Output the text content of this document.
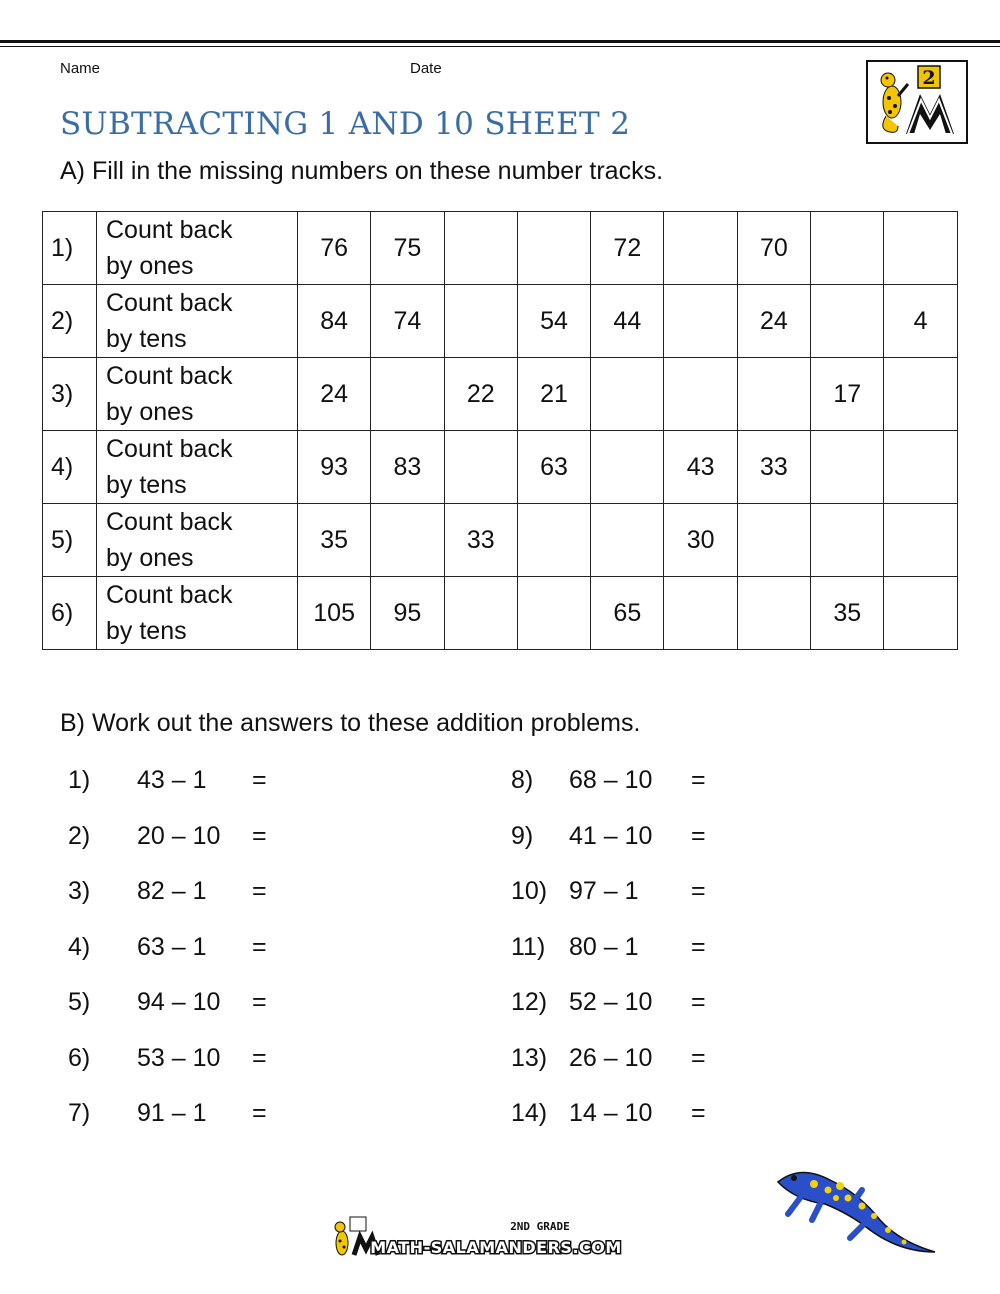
Name	Date	2
SUBTRACTING 1 AND 10 SHEET 2
A) Fill in the missing numbers on these number tracks.
1)	Count back
by ones	76	75			72		70		
2)	Count back
by tens	84	74		54	44		24		4
3)	Count back
by ones	24		22	21				17	
4)	Count back
by tens	93	83		63		43	33		
5)	Count back
by ones	35		33			30			
6)	Count back
by tens	105	95			65			35	
B) Work out the answers to these addition problems.
1) 43 – 1 =
2) 20 – 10 =
3) 82 – 1 =
4) 63 – 1 =
5) 94 – 10 =
6) 53 – 10 =
7) 91 – 1 =
8) 68 – 10 =
9) 41 – 10 =
10) 97 – 1 =
11) 80 – 1 =
12) 52 – 10 =
13) 26 – 10 =
14) 14 – 10 =
2ND GRADE
MATH-SALAMANDERS.COM
